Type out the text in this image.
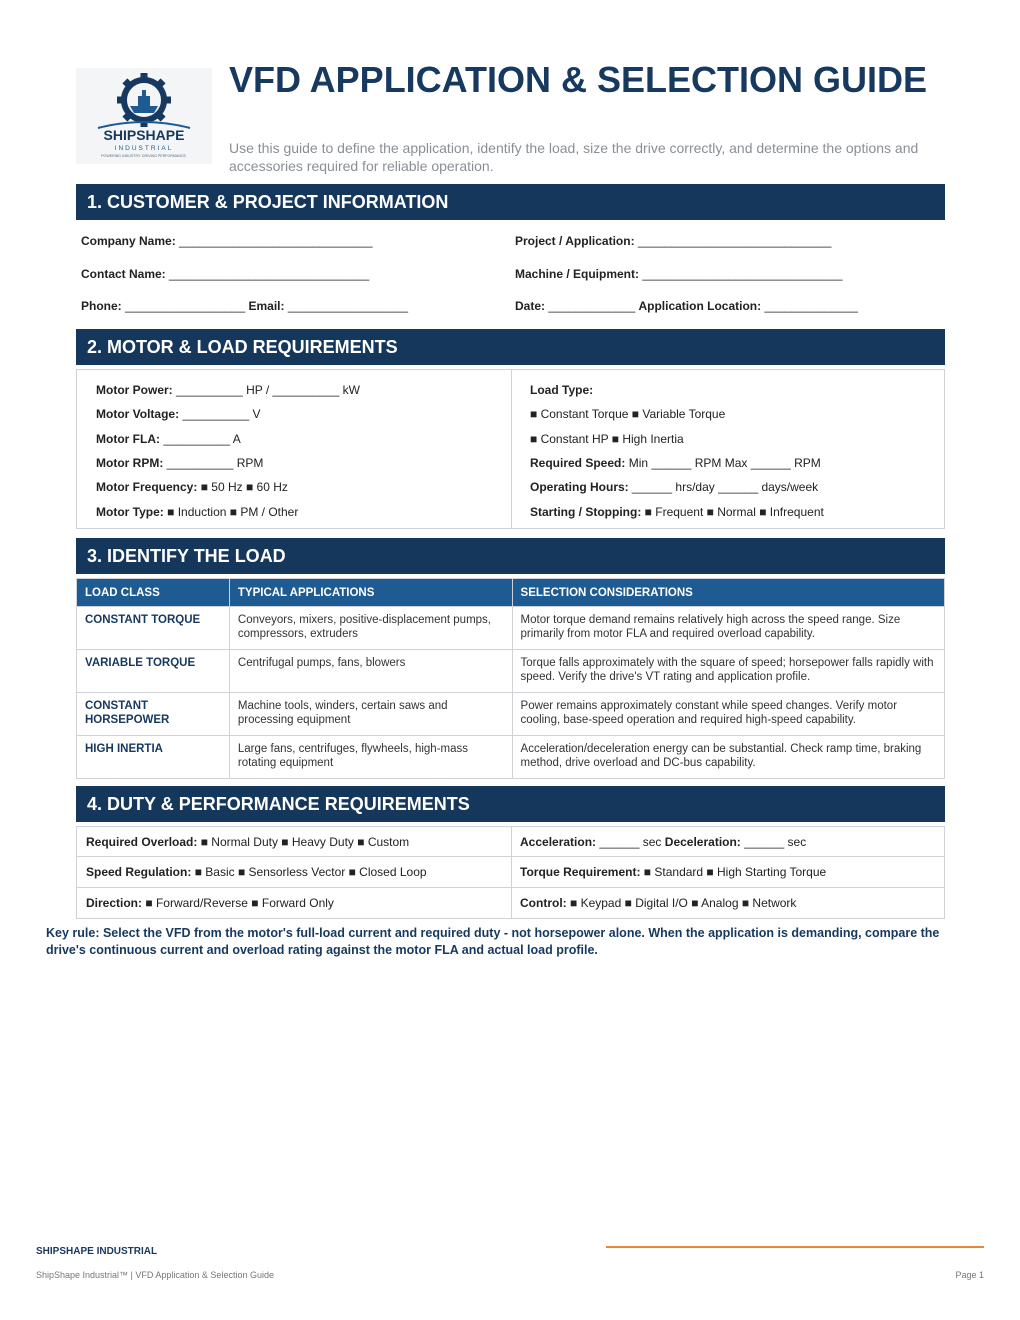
SHIPSHAPE
INDUSTRIAL
POWERING INDUSTRY. DRIVING PERFORMANCE.
VFD APPLICATION & SELECTION GUIDE
Use this guide to define the application, identify the load, size the drive correctly, and determine the options and accessories required for reliable operation.
1. CUSTOMER & PROJECT INFORMATION
Company Name: _____________________________	Project / Application: _____________________________
Contact Name: ______________________________	Machine / Equipment: ______________________________
Phone: __________________ Email: __________________	Date: _____________ Application Location: ______________
2. MOTOR & LOAD REQUIREMENTS
Motor Power: __________ HP / __________ kW
Motor Voltage: __________ V
Motor FLA: __________ A
Motor RPM: __________ RPM
Motor Frequency: ■ 50 Hz ■ 60 Hz
Motor Type: ■ Induction ■ PM / Other
Load Type:
■ Constant Torque ■ Variable Torque
■ Constant HP ■ High Inertia
Required Speed: Min ______ RPM Max ______ RPM
Operating Hours: ______ hrs/day ______ days/week
Starting / Stopping: ■ Frequent ■ Normal ■ Infrequent
3. IDENTIFY THE LOAD
LOAD CLASS	TYPICAL APPLICATIONS	SELECTION CONSIDERATIONS
CONSTANT TORQUE	Conveyors, mixers, positive-displacement pumps, compressors, extruders	Motor torque demand remains relatively high across the speed range. Size primarily from motor FLA and required overload capability.
VARIABLE TORQUE	Centrifugal pumps, fans, blowers	Torque falls approximately with the square of speed; horsepower falls rapidly with speed. Verify the drive's VT rating and application profile.
CONSTANT HORSEPOWER	Machine tools, winders, certain saws and processing equipment	Power remains approximately constant while speed changes. Verify motor cooling, base-speed operation and required high-speed capability.
HIGH INERTIA	Large fans, centrifuges, flywheels, high-mass rotating equipment	Acceleration/deceleration energy can be substantial. Check ramp time, braking method, drive overload and DC-bus capability.
4. DUTY & PERFORMANCE REQUIREMENTS
Required Overload: ■ Normal Duty ■ Heavy Duty ■ Custom	Acceleration: ______ sec Deceleration: ______ sec
Speed Regulation: ■ Basic ■ Sensorless Vector ■ Closed Loop	Torque Requirement: ■ Standard ■ High Starting Torque
Direction: ■ Forward/Reverse ■ Forward Only	Control: ■ Keypad ■ Digital I/O ■ Analog ■ Network
Key rule: Select the VFD from the motor's full-load current and required duty - not horsepower alone. When the application is demanding, compare the drive's continuous current and overload rating against the motor FLA and actual load profile.
SHIPSHAPE INDUSTRIAL
ShipShape Industrial™ | VFD Application & Selection Guide	Page 1
